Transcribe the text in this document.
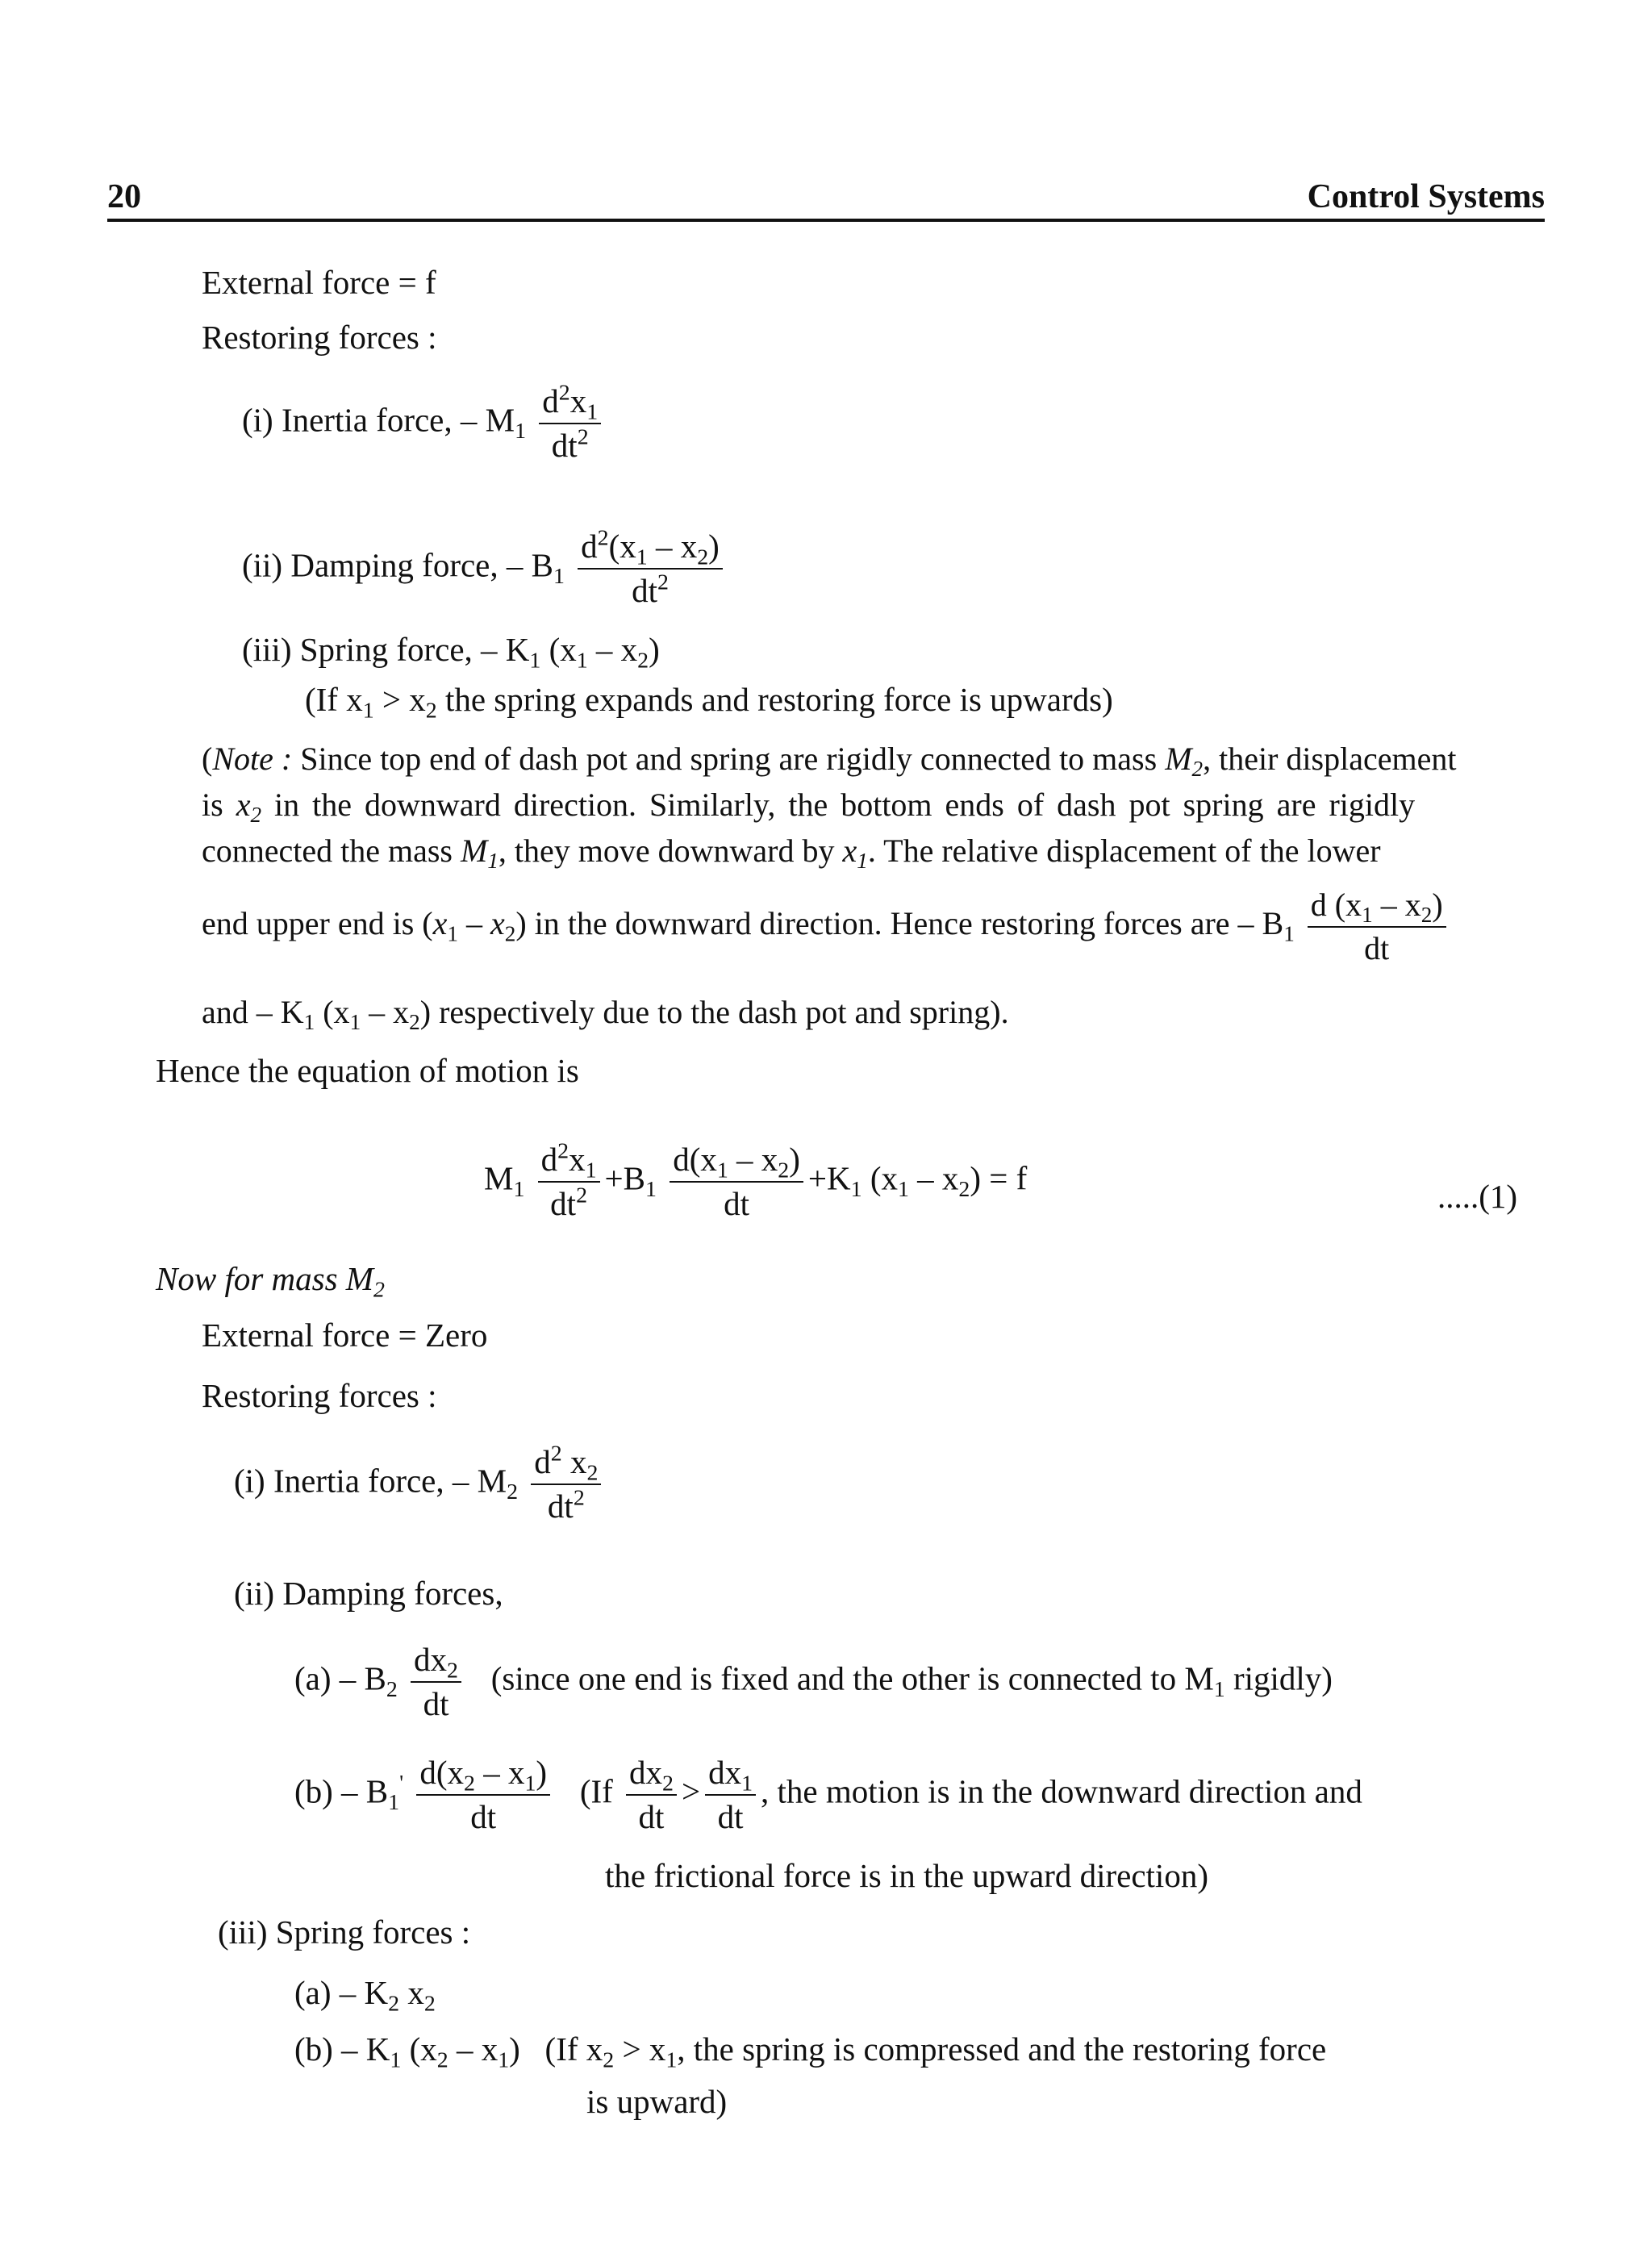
20	Control Systems
External force = f
Restoring forces :
(i) Inertia force, – $M_1 \frac{d^2x_1}{dt^2}$
(ii) Damping force, – $B_1 \frac{d^2(x_1 - x_2)}{dt^2}$
(iii) Spring force, – $K_1$ $(x_1 - x_2)$
(If $x_1 > x_2$ the spring expands and restoring force is upwards)
(Note : Since top end of dash pot and spring are rigidly connected to mass $M_2$, their displacement
is $x_2$ in the downward direction. Similarly, the bottom ends of dash pot spring are rigidly
connected the mass $M_1$, they move downward by $x_1$. The relative displacement of the lower
end upper end is $(x_1 - x_2)$ in the downward direction. Hence restoring forces are – $B_1 \frac{d (x_1 - x_2)}{dt}$
and – $K_1$ $(x_1 - x_2)$ respectively due to the dash pot and spring).
Hence the equation of motion is
$M_1 \frac{d^2x_1}{dt^2} +B_1 \frac{d(x_1 - x_2)}{dt} +K_1$ $(x_1 - x_2) = f$	.....(1)
Now for mass $M_2$
External force = Zero
Restoring forces :
(i) Inertia force, – $M_2 \frac{d^2 x_2}{dt^2}$
(ii) Damping forces,
$(a) - B_2 \frac{dx_2}{dt}$ (since one end is fixed and the other is connected to $M_1$ rigidly)
$(b) - B_1' \frac{d(x_2 - x_1)}{dt} (If \frac{dx_2}{dt} > \frac{dx_1}{dt}$ , the motion is in the downward direction and
the frictional force is in the upward direction)
(iii) Spring forces :
$(a) - K_2$ $x_2$
$(b) - K_1$ $(x_2 - x_1)$   (If $x_2 > x_1$, the spring is compressed and the restoring force
is upward)
